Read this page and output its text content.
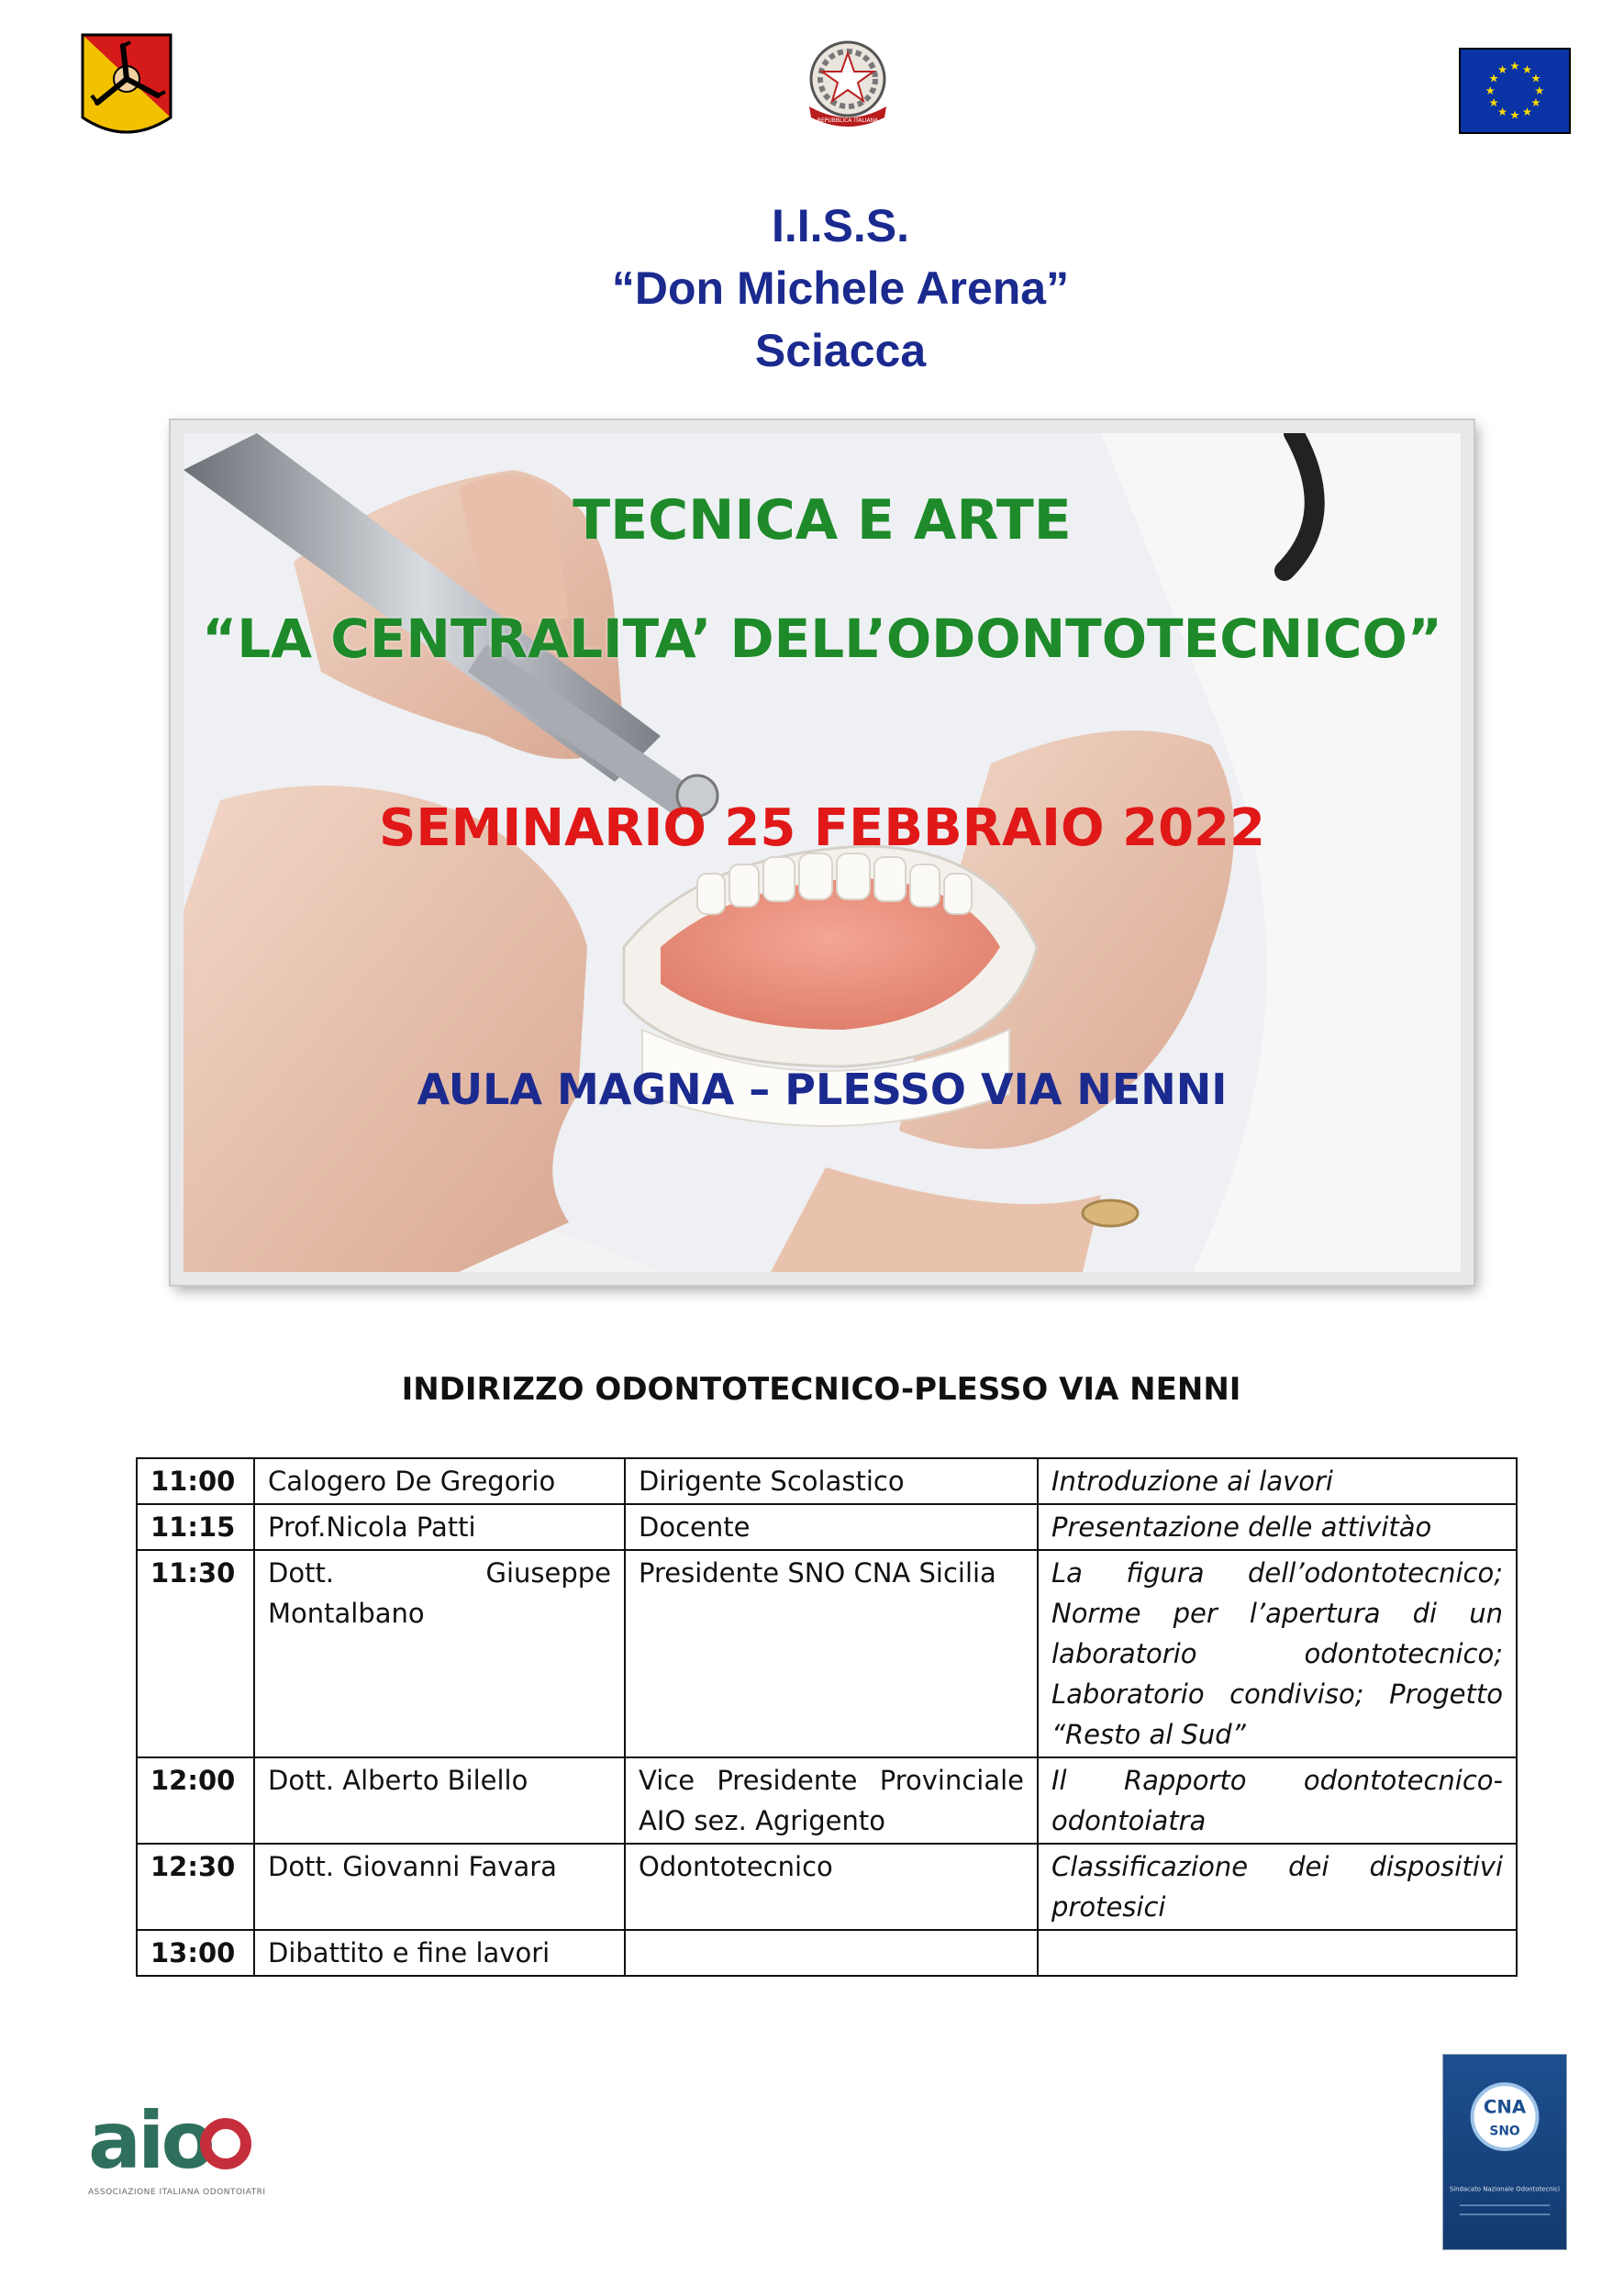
REPUBBLICA ITALIANA
★ ★
★
★
★
★
★
★
★
★
★
★
I.I.S.S.
“Don Michele Arena”
Sciacca
TECNICA E ARTE
“LA CENTRALITA’ DELL’ODONTOTECNICO”
SEMINARIO 25 FEBBRAIO 2022
AULA MAGNA – PLESSO VIA NENNI
INDIRIZZO ODONTOTECNICO-PLESSO VIA NENNI
11:00	Calogero De Gregorio	Dirigente Scolastico	Introduzione ai lavori
11:15	Prof.Nicola Patti	Docente	Presentazione delle attivitào
11:30	Dott. Giuseppe Montalbano	Presidente SNO CNA Sicilia	La figura dell’odontotecnico; Norme per l’apertura di un laboratorio odontotecnico; Laboratorio condiviso; Progetto “Resto al Sud”
12:00	Dott. Alberto Bilello	Vice Presidente Provinciale AIO sez. Agrigento	Il Rapporto odontotecnico-odontoiatra
12:30	Dott. Giovanni Favara	Odontotecnico	Classificazione dei dispositivi protesici
13:00	Dibattito e fine lavori		
aio
ASSOCIAZIONE ITALIANA ODONTOIATRI
CNA
SNO
Sindacato Nazionale Odontotecnici
